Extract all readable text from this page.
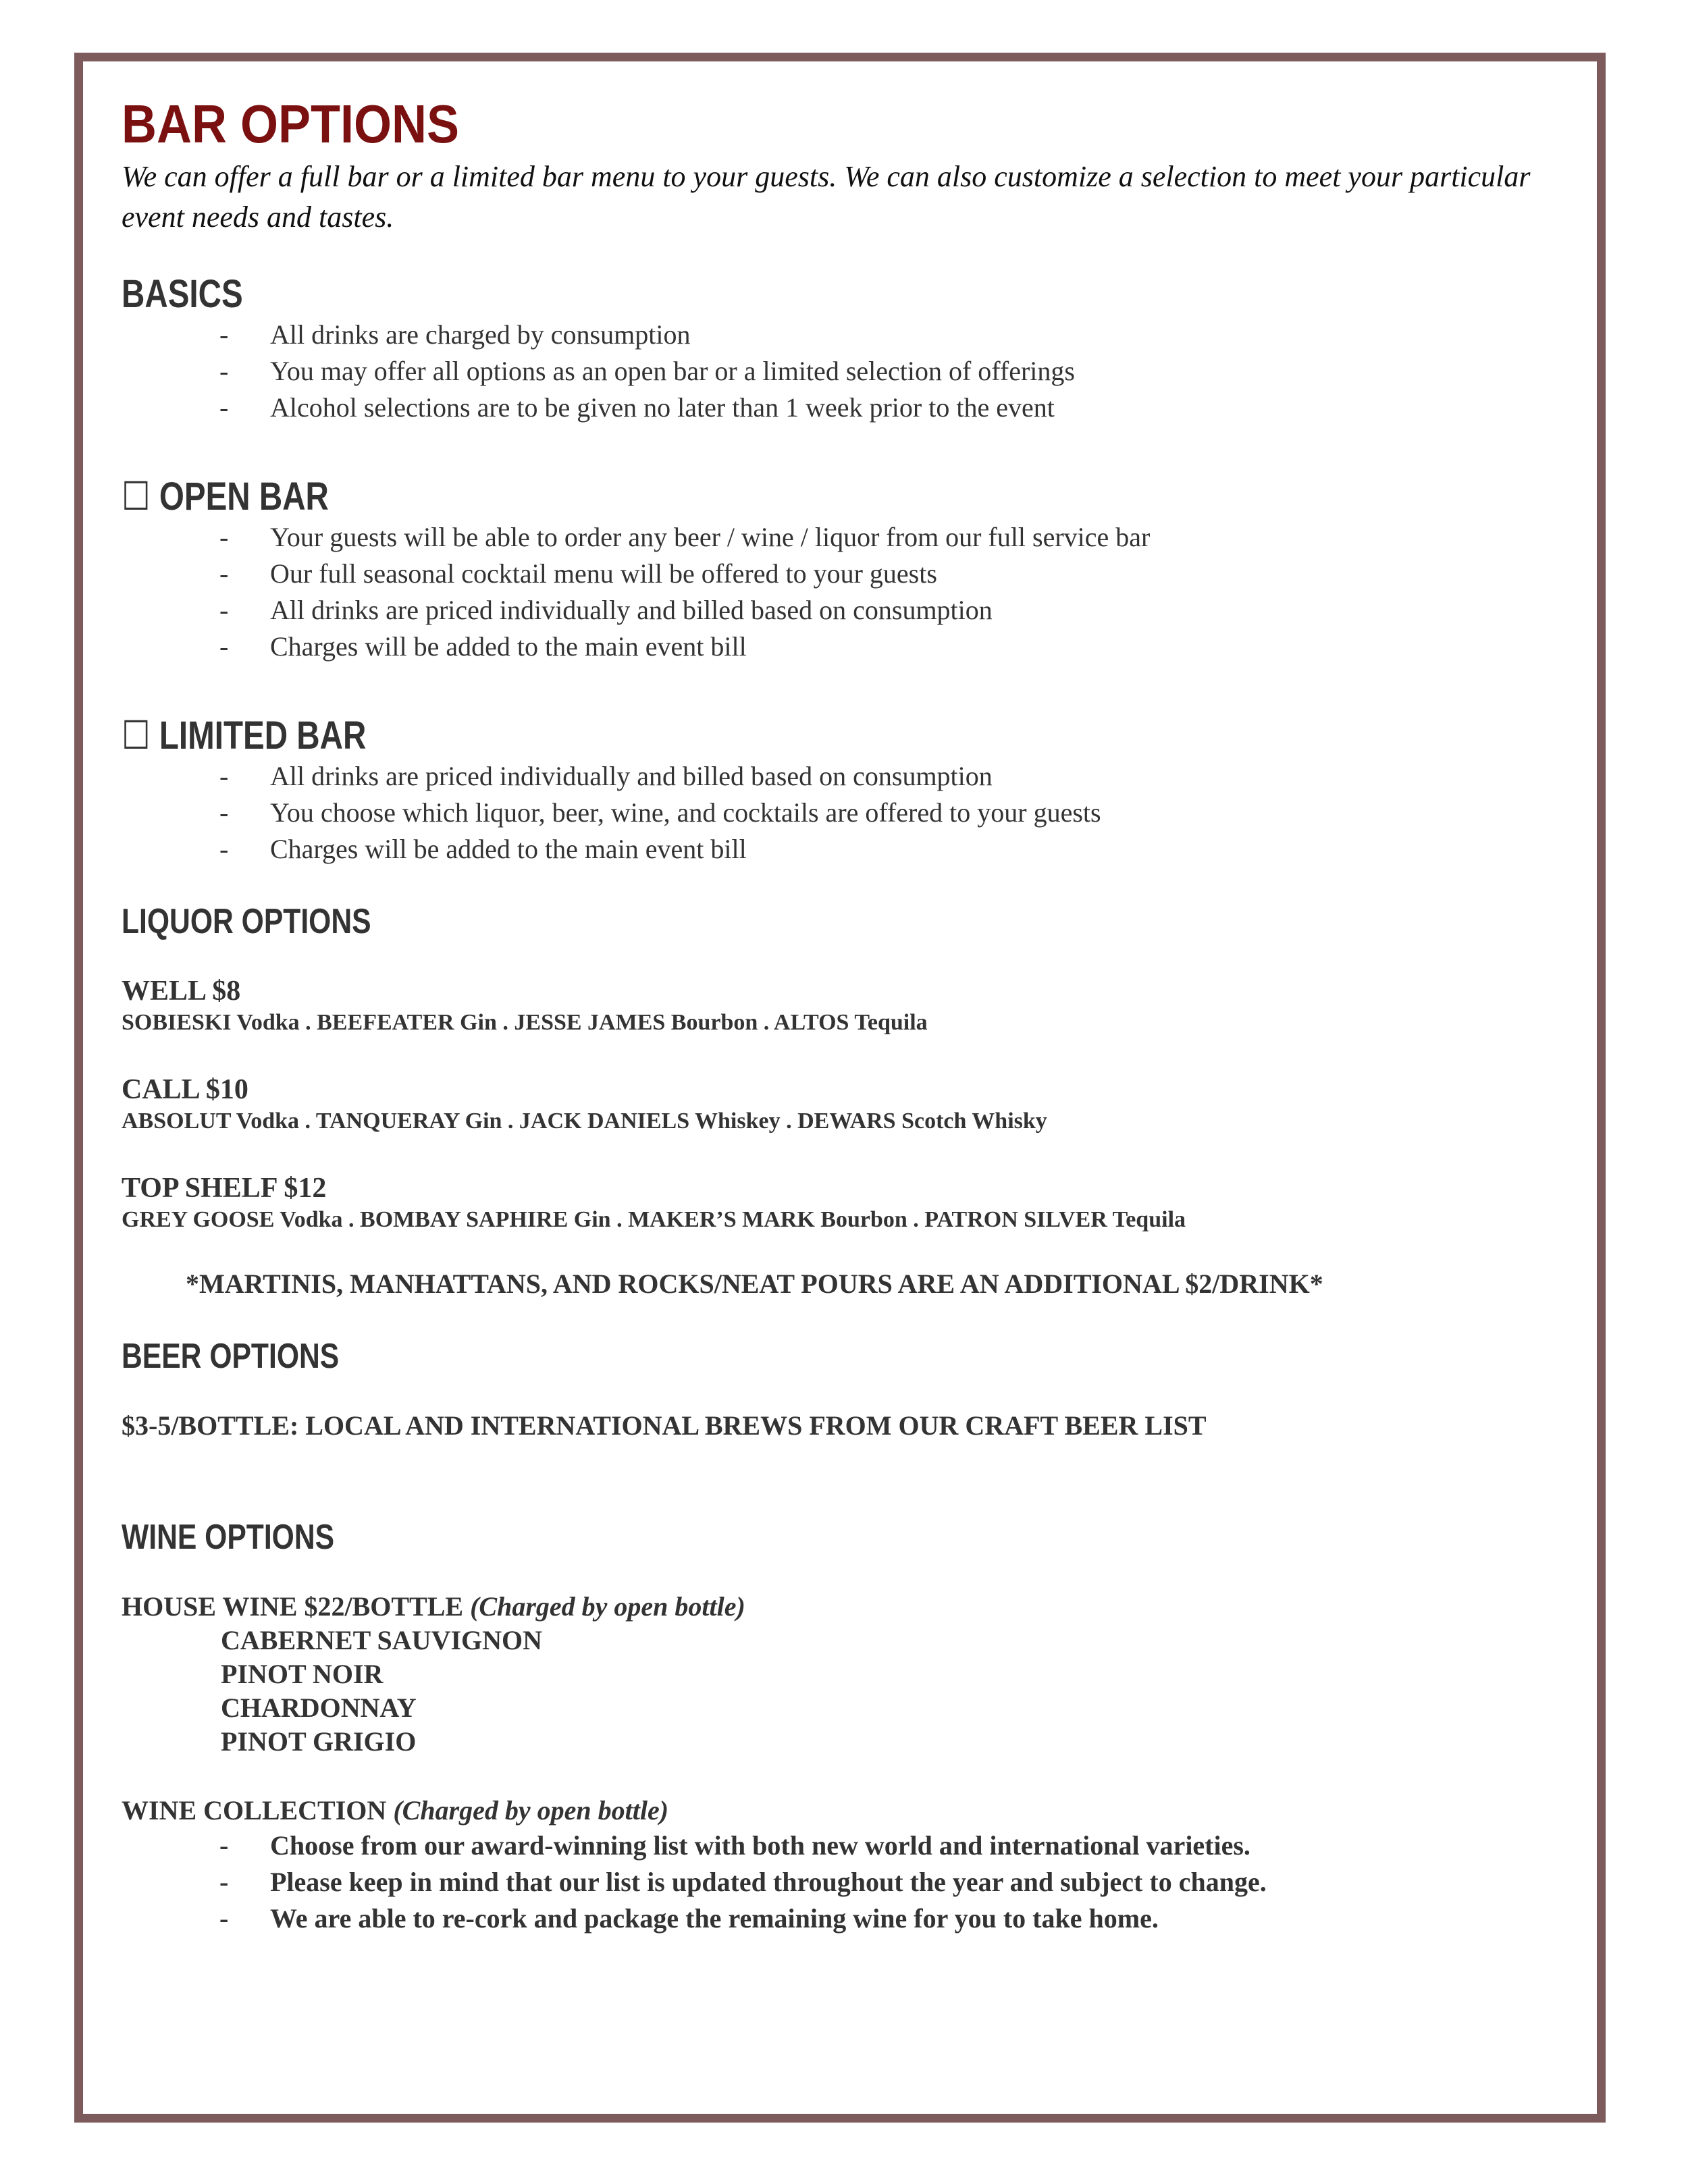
BAR OPTIONS

We can offer a full bar or a limited bar menu to your guests. We can also customize a selection to meet your particular event needs and tastes.

BASICS
- All drinks are charged by consumption
- You may offer all options as an open bar or a limited selection of offerings
- Alcohol selections are to be given no later than 1 week prior to the event
☐ OPEN BAR
- Your guests will be able to order any beer / wine / liquor from our full service bar
- Our full seasonal cocktail menu will be offered to your guests
- All drinks are priced individually and billed based on consumption
- Charges will be added to the main event bill
☐ LIMITED BAR
- All drinks are priced individually and billed based on consumption
- You choose which liquor, beer, wine, and cocktails are offered to your guests
- Charges will be added to the main event bill
LIQUOR OPTIONS

WELL $8

SOBIESKI Vodka . BEEFEATER Gin . JESSE JAMES Bourbon . ALTOS Tequila

CALL $10

ABSOLUT Vodka . TANQUERAY Gin . JACK DANIELS Whiskey . DEWARS Scotch Whisky

TOP SHELF $12

GREY GOOSE Vodka . BOMBAY SAPHIRE Gin . MAKER’S MARK Bourbon . PATRON SILVER Tequila

*MARTINIS, MANHATTANS, AND ROCKS/NEAT POURS ARE AN ADDITIONAL $2/DRINK*

BEER OPTIONS

$3-5/BOTTLE: LOCAL AND INTERNATIONAL BREWS FROM OUR CRAFT BEER LIST

WINE OPTIONS

HOUSE WINE $22/BOTTLE (Charged by open bottle)

CABERNET SAUVIGNON

PINOT NOIR

CHARDONNAY

PINOT GRIGIO

WINE COLLECTION (Charged by open bottle)

- Choose from our award-winning list with both new world and international varieties.
- Please keep in mind that our list is updated throughout the year and subject to change.
- We are able to re-cork and package the remaining wine for you to take home.
